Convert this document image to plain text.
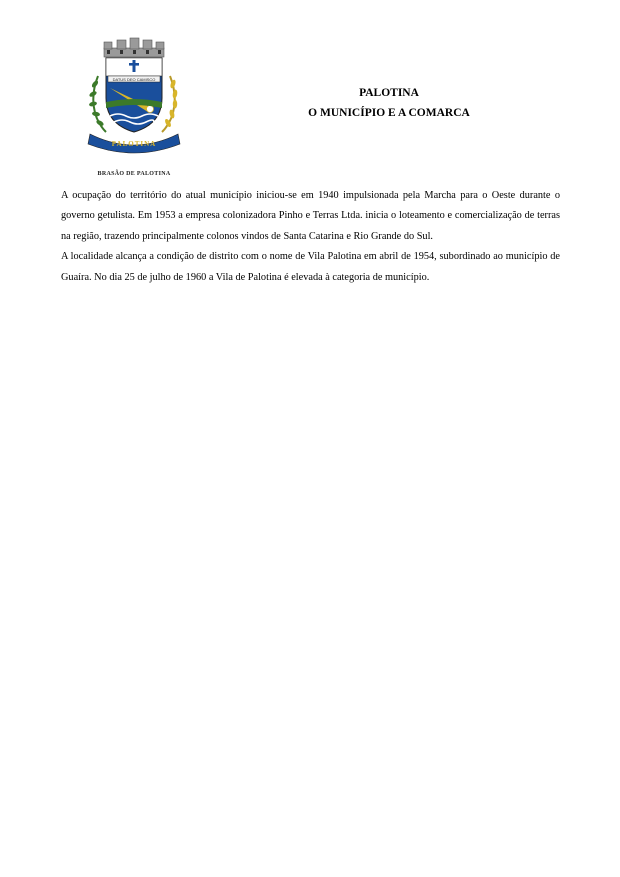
DATUS DEO CAMISCO
PALOTINA
BRASÃO DE PALOTINA
PALOTINA
O MUNICÍPIO E A COMARCA

A ocupação do território do atual município iniciou-se em 1940 impulsionada pela Marcha para o Oeste durante o governo getulista. Em 1953 a empresa colonizadora Pinho e Terras Ltda. inicia o loteamento e comercialização de terras na região, trazendo principalmente colonos vindos de Santa Catarina e Rio Grande do Sul.

A localidade alcança a condição de distrito com o nome de Vila Palotina em abril de 1954, subordinado ao município de Guaíra. No dia 25 de julho de 1960 a Vila de Palotina é elevada à categoria de município.
